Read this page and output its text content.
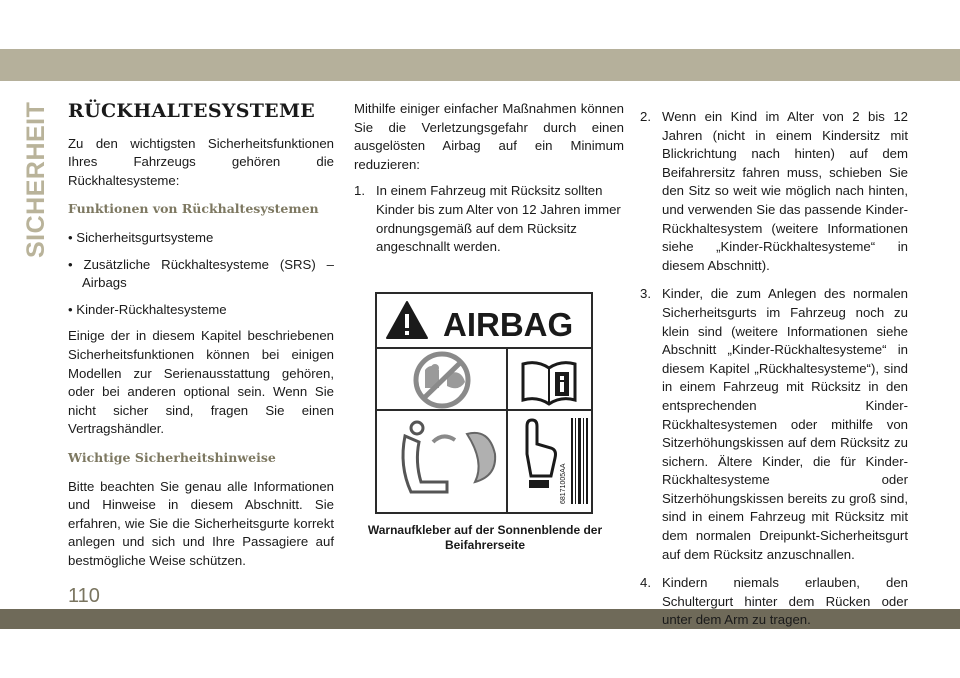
SICHERHEIT RÜCKHALTESYSTEME

Zu den wichtigsten Sicherheitsfunktionen Ihres Fahrzeugs gehören die Rückhaltesysteme:

Funktionen von Rückhaltesystemen

• Sicherheitsgurtsysteme

• Zusätzliche Rückhaltesysteme (SRS) – Airbags

• Kinder-Rückhaltesysteme

Einige der in diesem Kapitel beschriebenen Sicherheitsfunktionen können bei einigen Modellen zur Serienausstattung gehören, oder bei anderen optional sein. Wenn Sie nicht sicher sind, fragen Sie einen Vertragshändler.

Wichtige Sicherheitshinweise

Bitte beachten Sie genau alle Informationen und Hinweise in diesem Abschnitt. Sie erfahren, wie Sie die Sicherheitsgurte korrekt anlegen und sich und Ihre Passagiere auf bestmögliche Weise schützen.

Mithilfe einiger einfacher Maßnahmen können Sie die Verletzungsgefahr durch einen ausgelösten Airbag auf ein Minimum reduzieren:

1. In einem Fahrzeug mit Rücksitz sollten Kinder bis zum Alter von 12 Jahren immer ordnungsgemäß auf dem Rücksitz angeschnallt werden.
AIRBAG
68171005AA
Warnaufkleber auf der Sonnenblende der Beifahrerseite
2. Wenn ein Kind im Alter von 2 bis 12 Jahren (nicht in einem Kindersitz mit Blickrichtung nach hinten) auf dem Beifahrersitz fahren muss, schieben Sie den Sitz so weit wie möglich nach hinten, und verwenden Sie das passende Kinder-Rückhaltesystem (weitere Informationen siehe „Kinder-Rückhaltesysteme“ in diesem Abschnitt).
3. Kinder, die zum Anlegen des normalen Sicherheitsgurts im Fahrzeug noch zu klein sind (weitere Informationen siehe Abschnitt „Kinder-Rückhaltesysteme“ in diesem Kapitel „Rückhaltesysteme“), sind in einem Fahrzeug mit Rücksitz in den entsprechenden Kinder-Rückhaltesystemen oder mithilfe von Sitzerhöhungskissen auf dem Rücksitz zu sichern. Ältere Kinder, die für Kinder-Rückhaltesysteme oder Sitzerhöhungskissen bereits zu groß sind, sind in einem Fahrzeug mit Rücksitz mit dem normalen Dreipunkt-Sicherheitsgurt auf dem Rücksitz anzuschnallen.
4. Kindern niemals erlauben, den Schultergurt hinter dem Rücken oder unter dem Arm zu tragen.
110
